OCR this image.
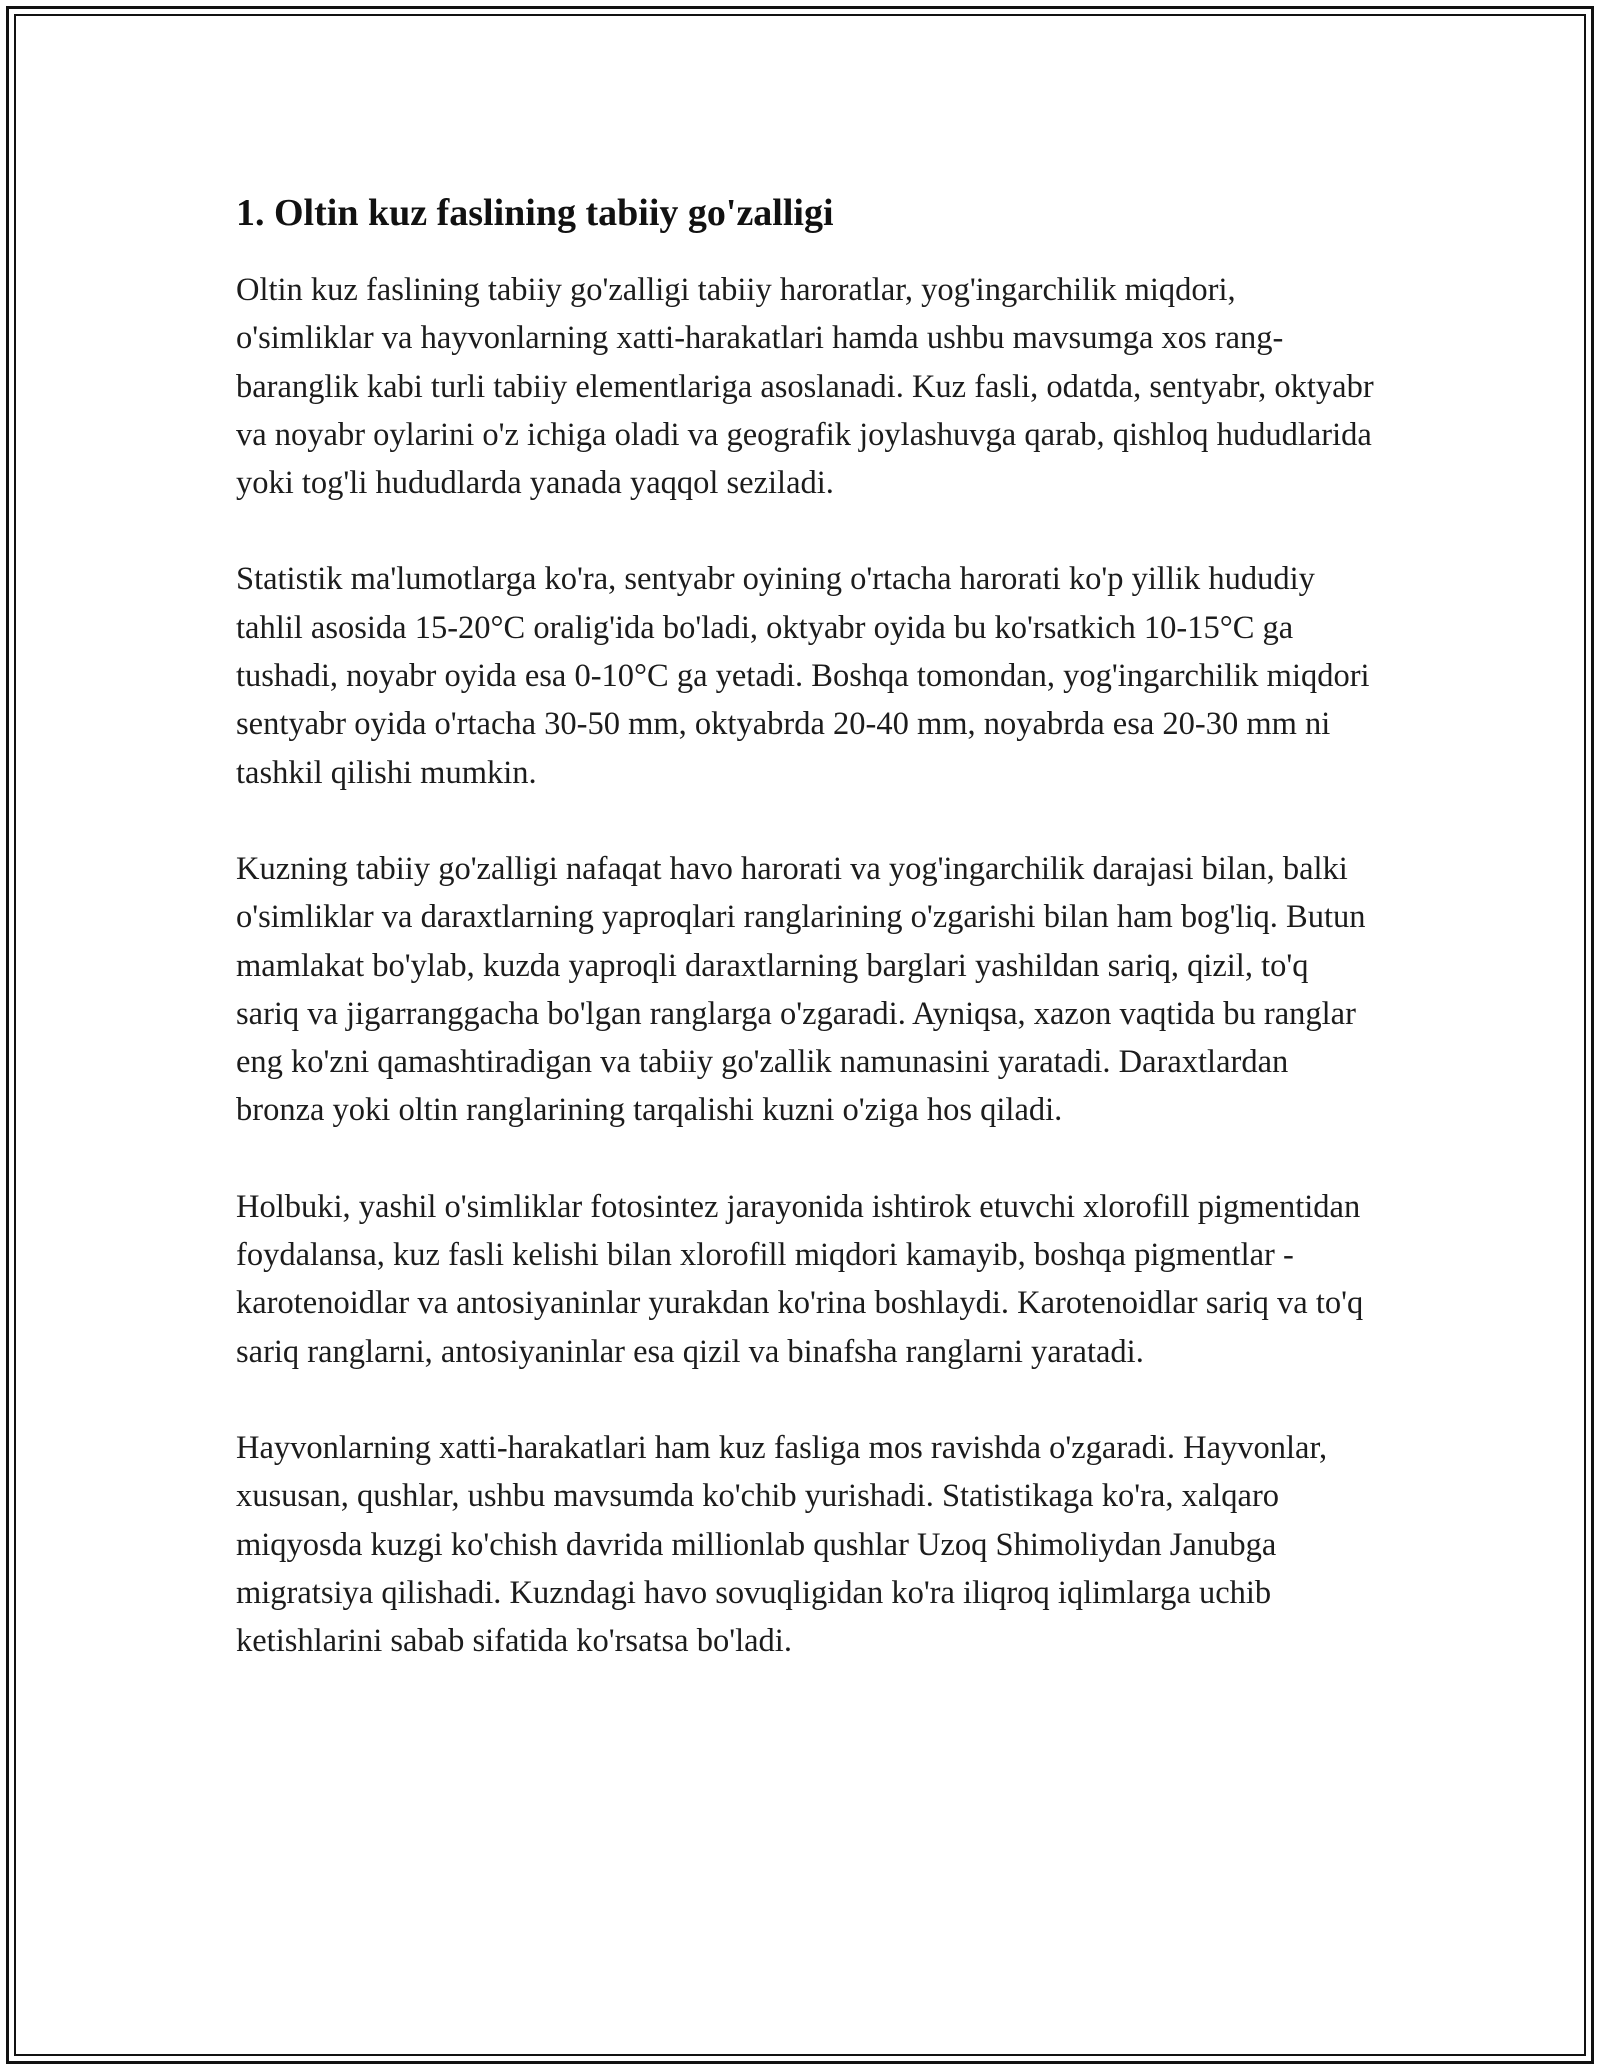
1. Oltin kuz faslining tabiiy go'zalligi

Oltin kuz faslining tabiiy go'zalligi tabiiy haroratlar, yog'ingarchilik miqdori, o'simliklar va hayvonlarning xatti-harakatlari hamda ushbu mavsumga xos rang-baranglik kabi turli tabiiy elementlariga asoslanadi. Kuz fasli, odatda, sentyabr, oktyabr va noyabr oylarini o'z ichiga oladi va geografik joylashuvga qarab, qishloq hududlarida yoki tog'li hududlarda yanada yaqqol seziladi.

Statistik ma'lumotlarga ko'ra, sentyabr oyining o'rtacha harorati ko'p yillik hududiy tahlil asosida 15-20°C oralig'ida bo'ladi, oktyabr oyida bu ko'rsatkich 10-15°C ga tushadi, noyabr oyida esa 0-10°C ga yetadi. Boshqa tomondan, yog'ingarchilik miqdori sentyabr oyida o'rtacha 30-50 mm, oktyabrda 20-40 mm, noyabrda esa 20-30 mm ni tashkil qilishi mumkin.

Kuzning tabiiy go'zalligi nafaqat havo harorati va yog'ingarchilik darajasi bilan, balki o'simliklar va daraxtlarning yaproqlari ranglarining o'zgarishi bilan ham bog'liq. Butun mamlakat bo'ylab, kuzda yaproqli daraxtlarning barglari yashildan sariq, qizil, to'q sariq va jigarranggacha bo'lgan ranglarga o'zgaradi. Ayniqsa, xazon vaqtida bu ranglar eng ko'zni qamashtiradigan va tabiiy go'zallik namunasini yaratadi. Daraxtlardan bronza yoki oltin ranglarining tarqalishi kuzni o'ziga hos qiladi.

Holbuki, yashil o'simliklar fotosintez jarayonida ishtirok etuvchi xlorofill pigmentidan foydalansa, kuz fasli kelishi bilan xlorofill miqdori kamayib, boshqa pigmentlar - karotenoidlar va antosiyaninlar yurakdan ko'rina boshlaydi. Karotenoidlar sariq va to'q sariq ranglarni, antosiyaninlar esa qizil va binafsha ranglarni yaratadi.

Hayvonlarning xatti-harakatlari ham kuz fasliga mos ravishda o'zgaradi. Hayvonlar, xususan, qushlar, ushbu mavsumda ko'chib yurishadi. Statistikaga ko'ra, xalqaro miqyosda kuzgi ko'chish davrida millionlab qushlar Uzoq Shimoliydan Janubga migratsiya qilishadi. Kuzndagi havo sovuqligidan ko'ra iliqroq iqlimlarga uchib ketishlarini sabab sifatida ko'rsatsa bo'ladi.
